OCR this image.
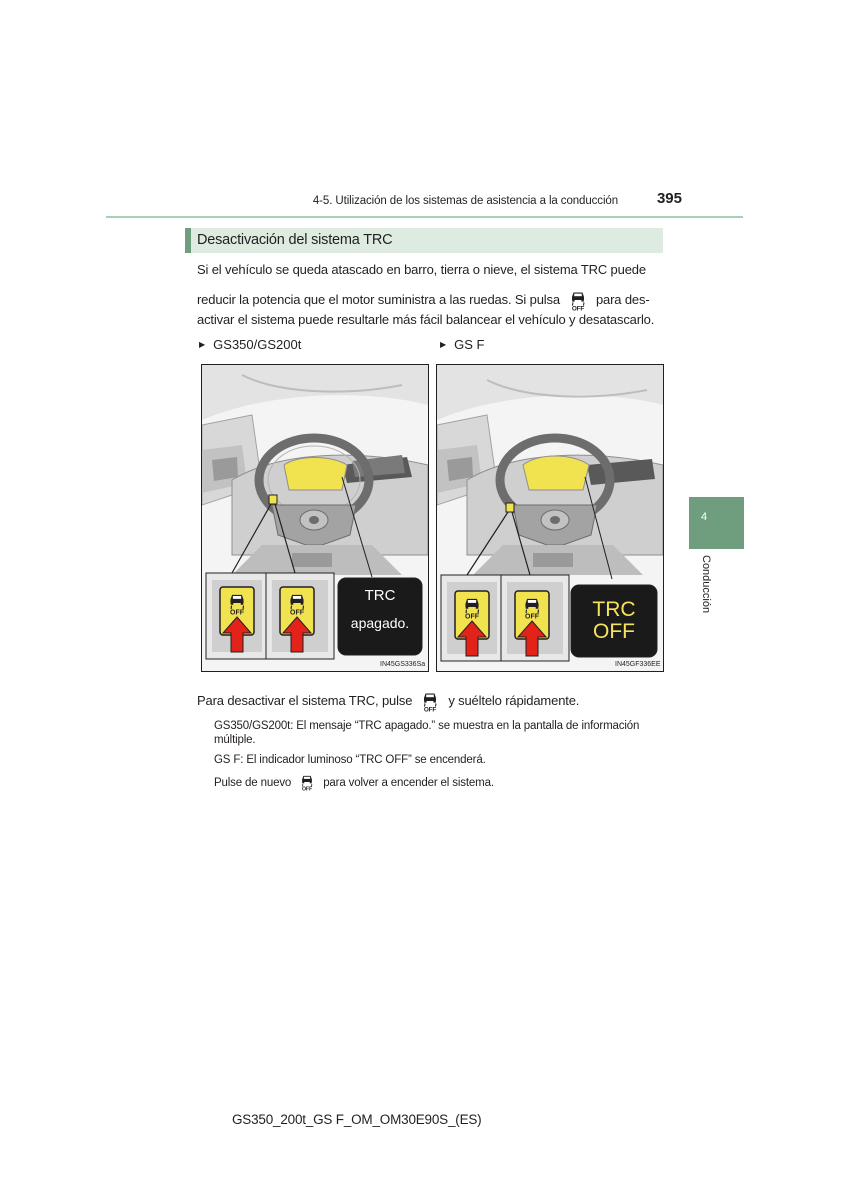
4-5. Utilización de los sistemas de asistencia a la conducción	395
4
Conducción
Desactivación del sistema TRC
Si el vehículo se queda atascado en barro, tierra o nieve, el sistema TRC puede
reducir la potencia que el motor suministra a las ruedas. Si pulsa	para des-
activar el sistema puede resultarle más fácil balancear el vehículo y desatascarlo.
▶ GS350/GS200t	▶ GS F
TRC
apagado.
IN45GS336Sa
TRC
OFF
IN45GF336EE
Para desactivar el sistema TRC, pulse	y suéltelo rápidamente.
GS350/GS200t: El mensaje “TRC apagado.” se muestra en la pantalla de información
múltiple.
GS F: El indicador luminoso “TRC OFF” se encenderá.
Pulse de nuevo	para volver a encender el sistema.
GS350_200t_GS F_OM_OM30E90S_(ES)
